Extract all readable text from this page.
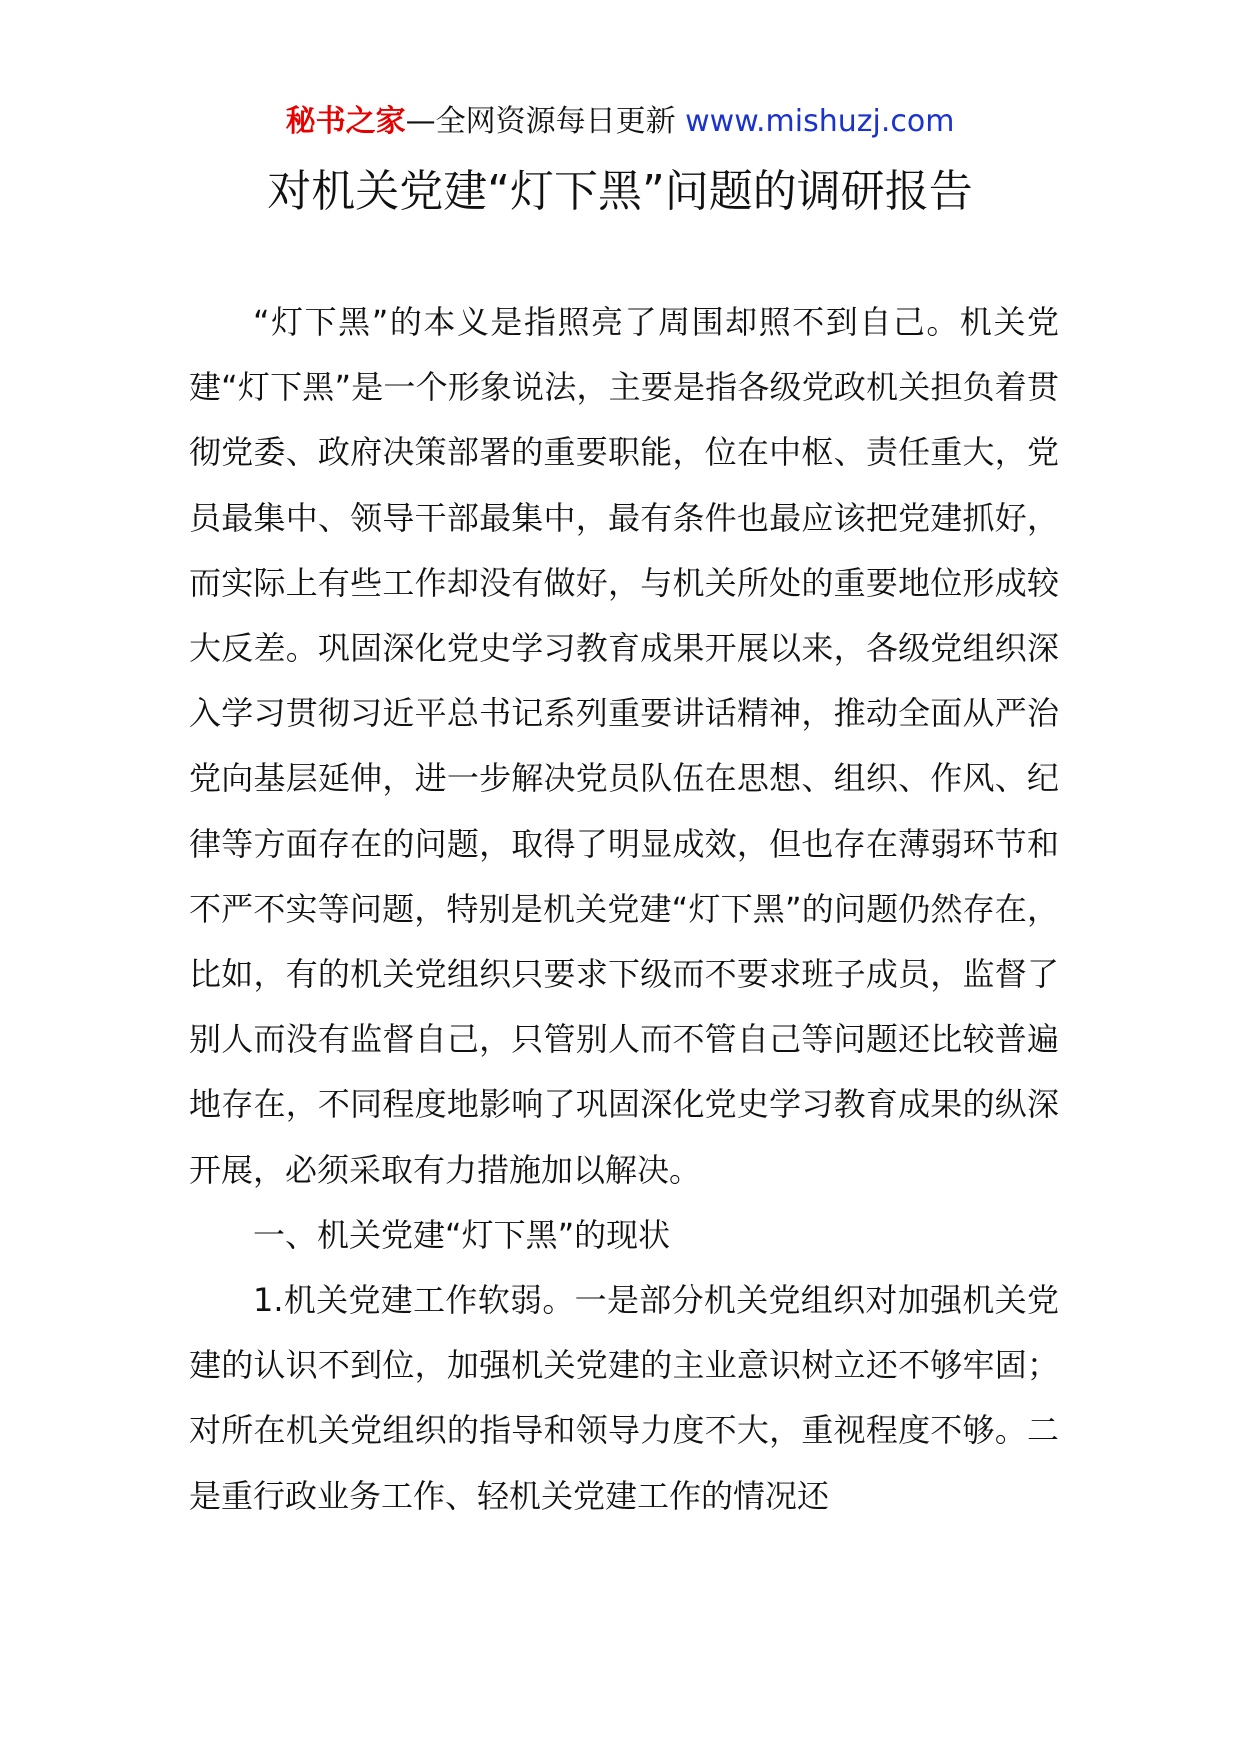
秘书之家—全网资源每日更新 www.mishuzj.com
对机关党建“灯下黑”问题的调研报告

“灯下黑”的本义是指照亮了周围却照不到自己。机关党建“灯下黑”是一个形象说法，主要是指各级党政机关担负着贯彻党委、政府决策部署的重要职能，位在中枢、责任重大，党员最集中、领导干部最集中，最有条件也最应该把党建抓好，而实际上有些工作却没有做好，与机关所处的重要地位形成较大反差。巩固深化党史学习教育成果开展以来，各级党组织深入学习贯彻习近平总书记系列重要讲话精神，推动全面从严治党向基层延伸，进一步解决党员队伍在思想、组织、作风、纪律等方面存在的问题，取得了明显成效，但也存在薄弱环节和不严不实等问题，特别是机关党建“灯下黑”的问题仍然存在，比如，有的机关党组织只要求下级而不要求班子成员，监督了别人而没有监督自己，只管别人而不管自己等问题还比较普遍地存在，不同程度地影响了巩固深化党史学习教育成果的纵深开展，必须采取有力措施加以解决。

一、机关党建“灯下黑”的现状

1.机关党建工作软弱。一是部分机关党组织对加强机关党建的认识不到位，加强机关党建的主业意识树立还不够牢固；对所在机关党组织的指导和领导力度不大，重视程度不够。二是重行政业务工作、轻机关党建工作的情况还
